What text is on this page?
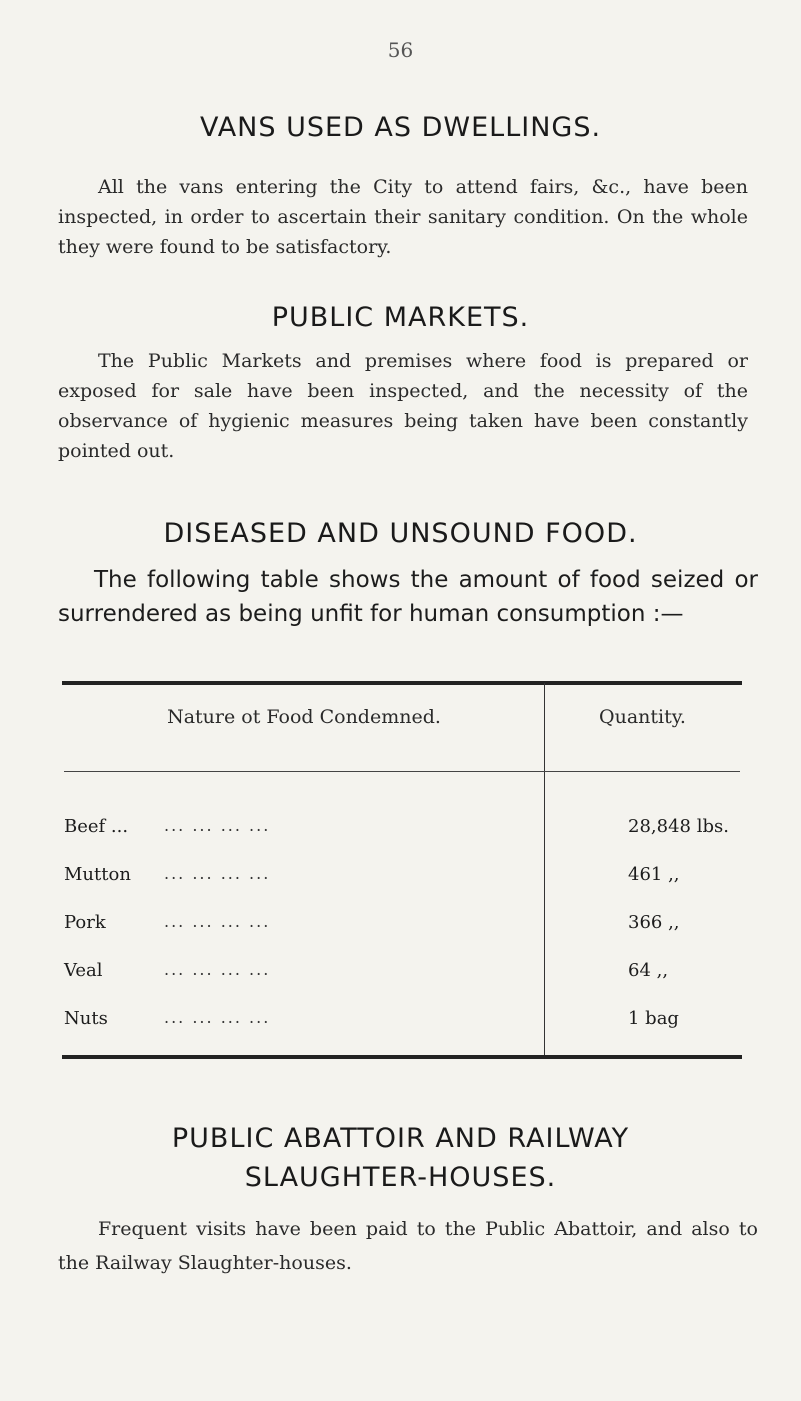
56
VANS USED AS DWELLINGS.
All the vans entering the City to attend fairs, &c., have been inspected, in order to ascertain their sanitary condition. On the whole they were found to be satisfactory.
PUBLIC MARKETS.
The Public Markets and premises where food is prepared or exposed for sale have been inspected, and the necessity of the observance of hygienic measures being taken have been constantly pointed out.
DISEASED AND UNSOUND FOOD.
The following table shows the amount of food seized or surrendered as being unfit for human consumption :—
Nature ot Food Condemned.	Quantity.
Beef ... ... ... ... ...	28,848 lbs.
Mutton ... ... ... ...	461 ,,
Pork	... ... ... ...	366 ,,
Veal	... ... ... ...	64 ,,
Nuts	... ... ... ...	1 bag
PUBLIC ABATTOIR AND RAILWAY
SLAUGHTER-HOUSES.
Frequent visits have been paid to the Public Abattoir, and also to the Railway Slaughter-houses.
